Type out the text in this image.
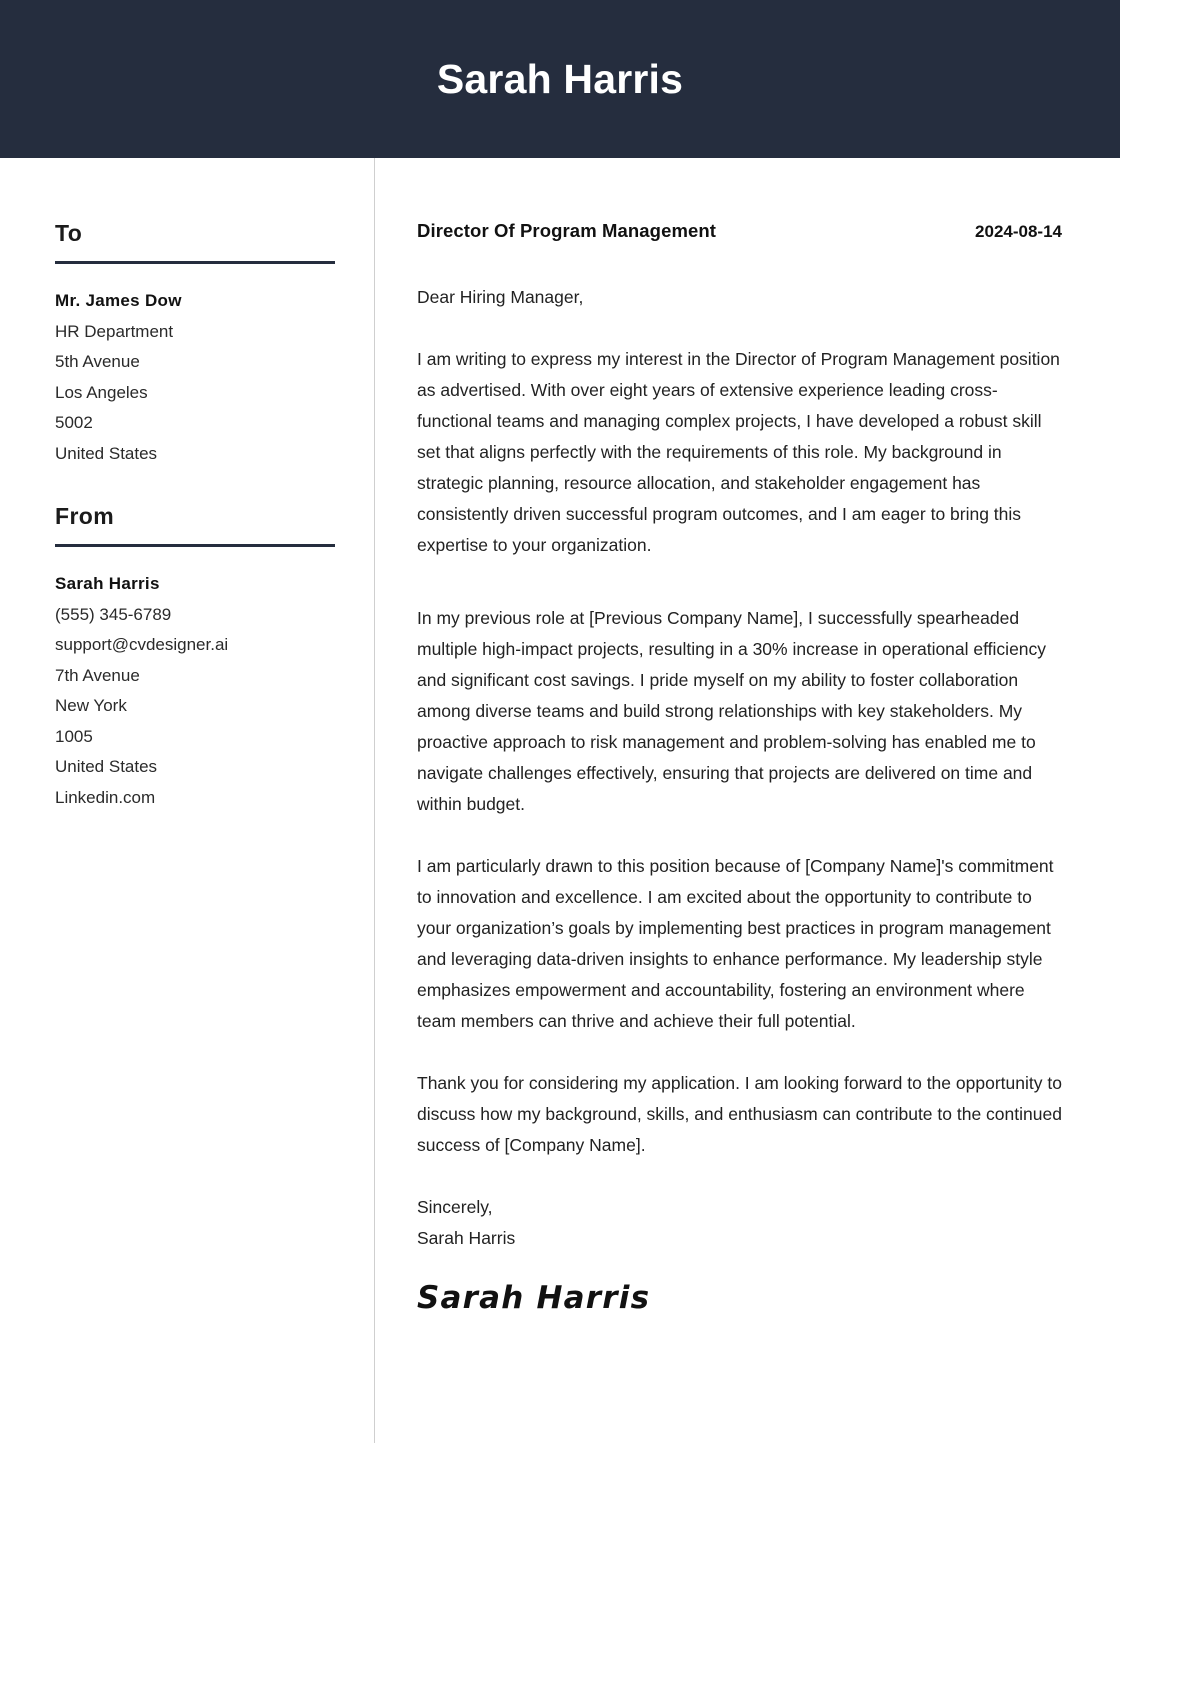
Sarah Harris
To
Mr. James Dow
HR Department
5th Avenue
Los Angeles
5002
United States
From
Sarah Harris
(555) 345-6789
support@cvdesigner.ai
7th Avenue
New York
1005
United States
Linkedin.com
Director Of Program Management	2024-08-14
Dear Hiring Manager,

I am writing to express my interest in the Director of Program Management position as advertised. With over eight years of extensive experience leading cross-functional teams and managing complex projects, I have developed a robust skill set that aligns perfectly with the requirements of this role. My background in strategic planning, resource allocation, and stakeholder engagement has consistently driven successful program outcomes, and I am eager to bring this expertise to your organization.

In my previous role at [Previous Company Name], I successfully spearheaded multiple high-impact projects, resulting in a 30% increase in operational efficiency and significant cost savings. I pride myself on my ability to foster collaboration among diverse teams and build strong relationships with key stakeholders. My proactive approach to risk management and problem-solving has enabled me to navigate challenges effectively, ensuring that projects are delivered on time and within budget.

I am particularly drawn to this position because of [Company Name]'s commitment to innovation and excellence. I am excited about the opportunity to contribute to your organization’s goals by implementing best practices in program management and leveraging data-driven insights to enhance performance. My leadership style emphasizes empowerment and accountability, fostering an environment where team members can thrive and achieve their full potential.

Thank you for considering my application. I am looking forward to the opportunity to discuss how my background, skills, and enthusiasm can contribute to the continued success of [Company Name].

Sincerely,
Sarah Harris
Sarah Harris
